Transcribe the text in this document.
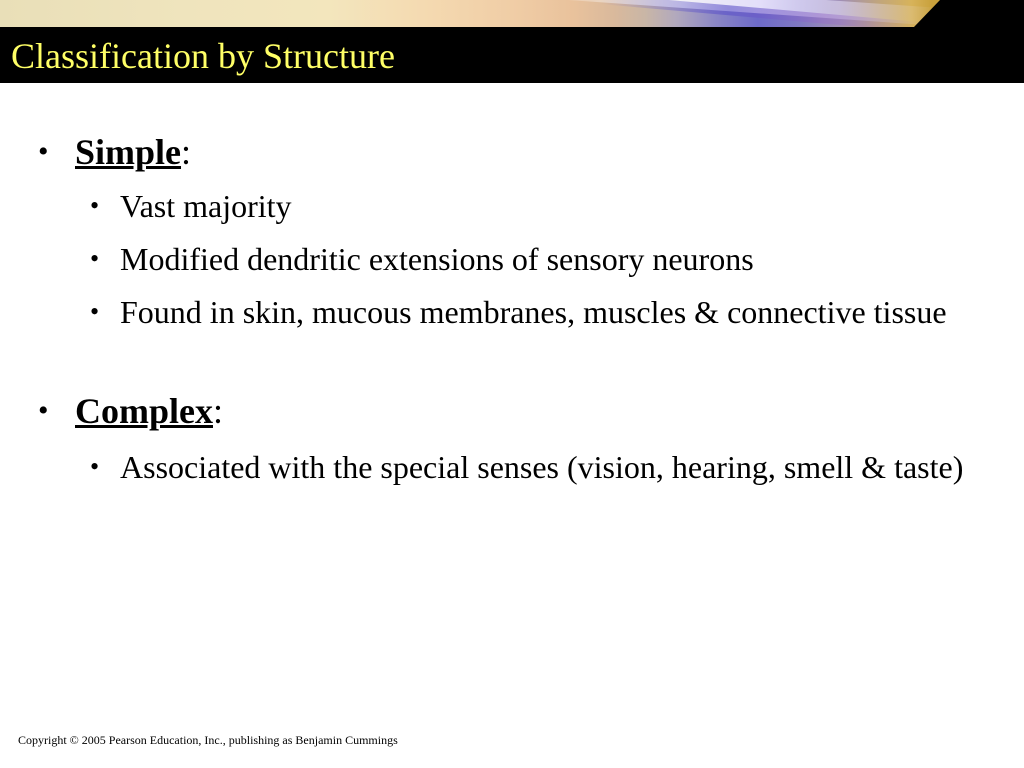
Classification by Structure
• Simple:
• Vast majority
• Modified dendritic extensions of sensory neurons
• Found in skin, mucous membranes, muscles & connective tissue
• Complex:
• Associated with the special senses (vision, hearing, smell & taste)
Copyright © 2005 Pearson Education, Inc., publishing as Benjamin Cummings
